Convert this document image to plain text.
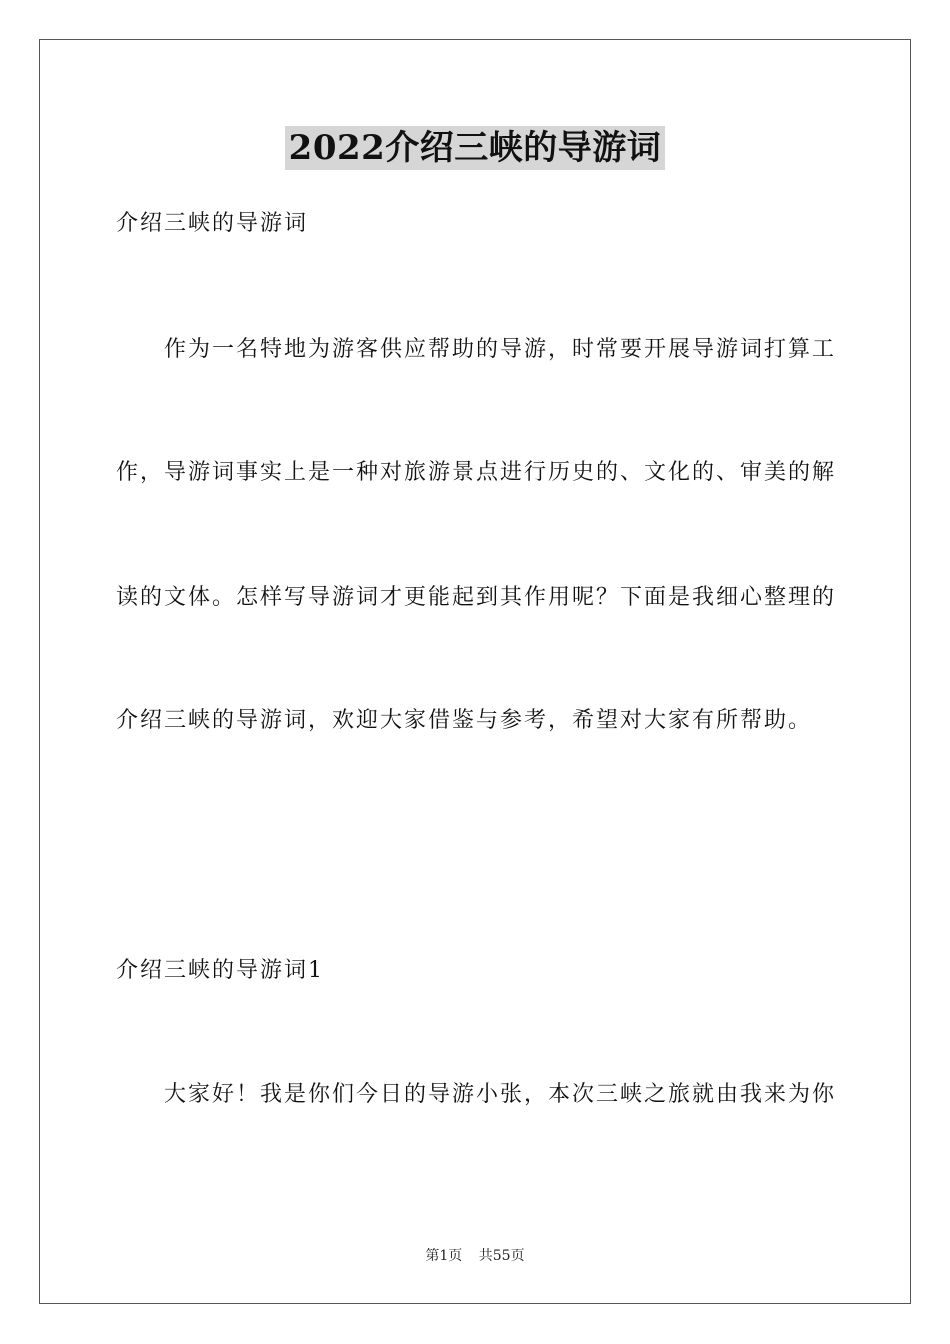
2022介绍三峡的导游词
介绍三峡的导游词
作为一名特地为游客供应帮助的导游，时常要开展导游词打算工
作，导游词事实上是一种对旅游景点进行历史的、文化的、审美的解
读的文体。怎样写导游词才更能起到其作用呢？下面是我细心整理的
介绍三峡的导游词，欢迎大家借鉴与参考，希望对大家有所帮助。
介绍三峡的导游词1
大家好！我是你们今日的导游小张，本次三峡之旅就由我来为你
第1页 共55页
